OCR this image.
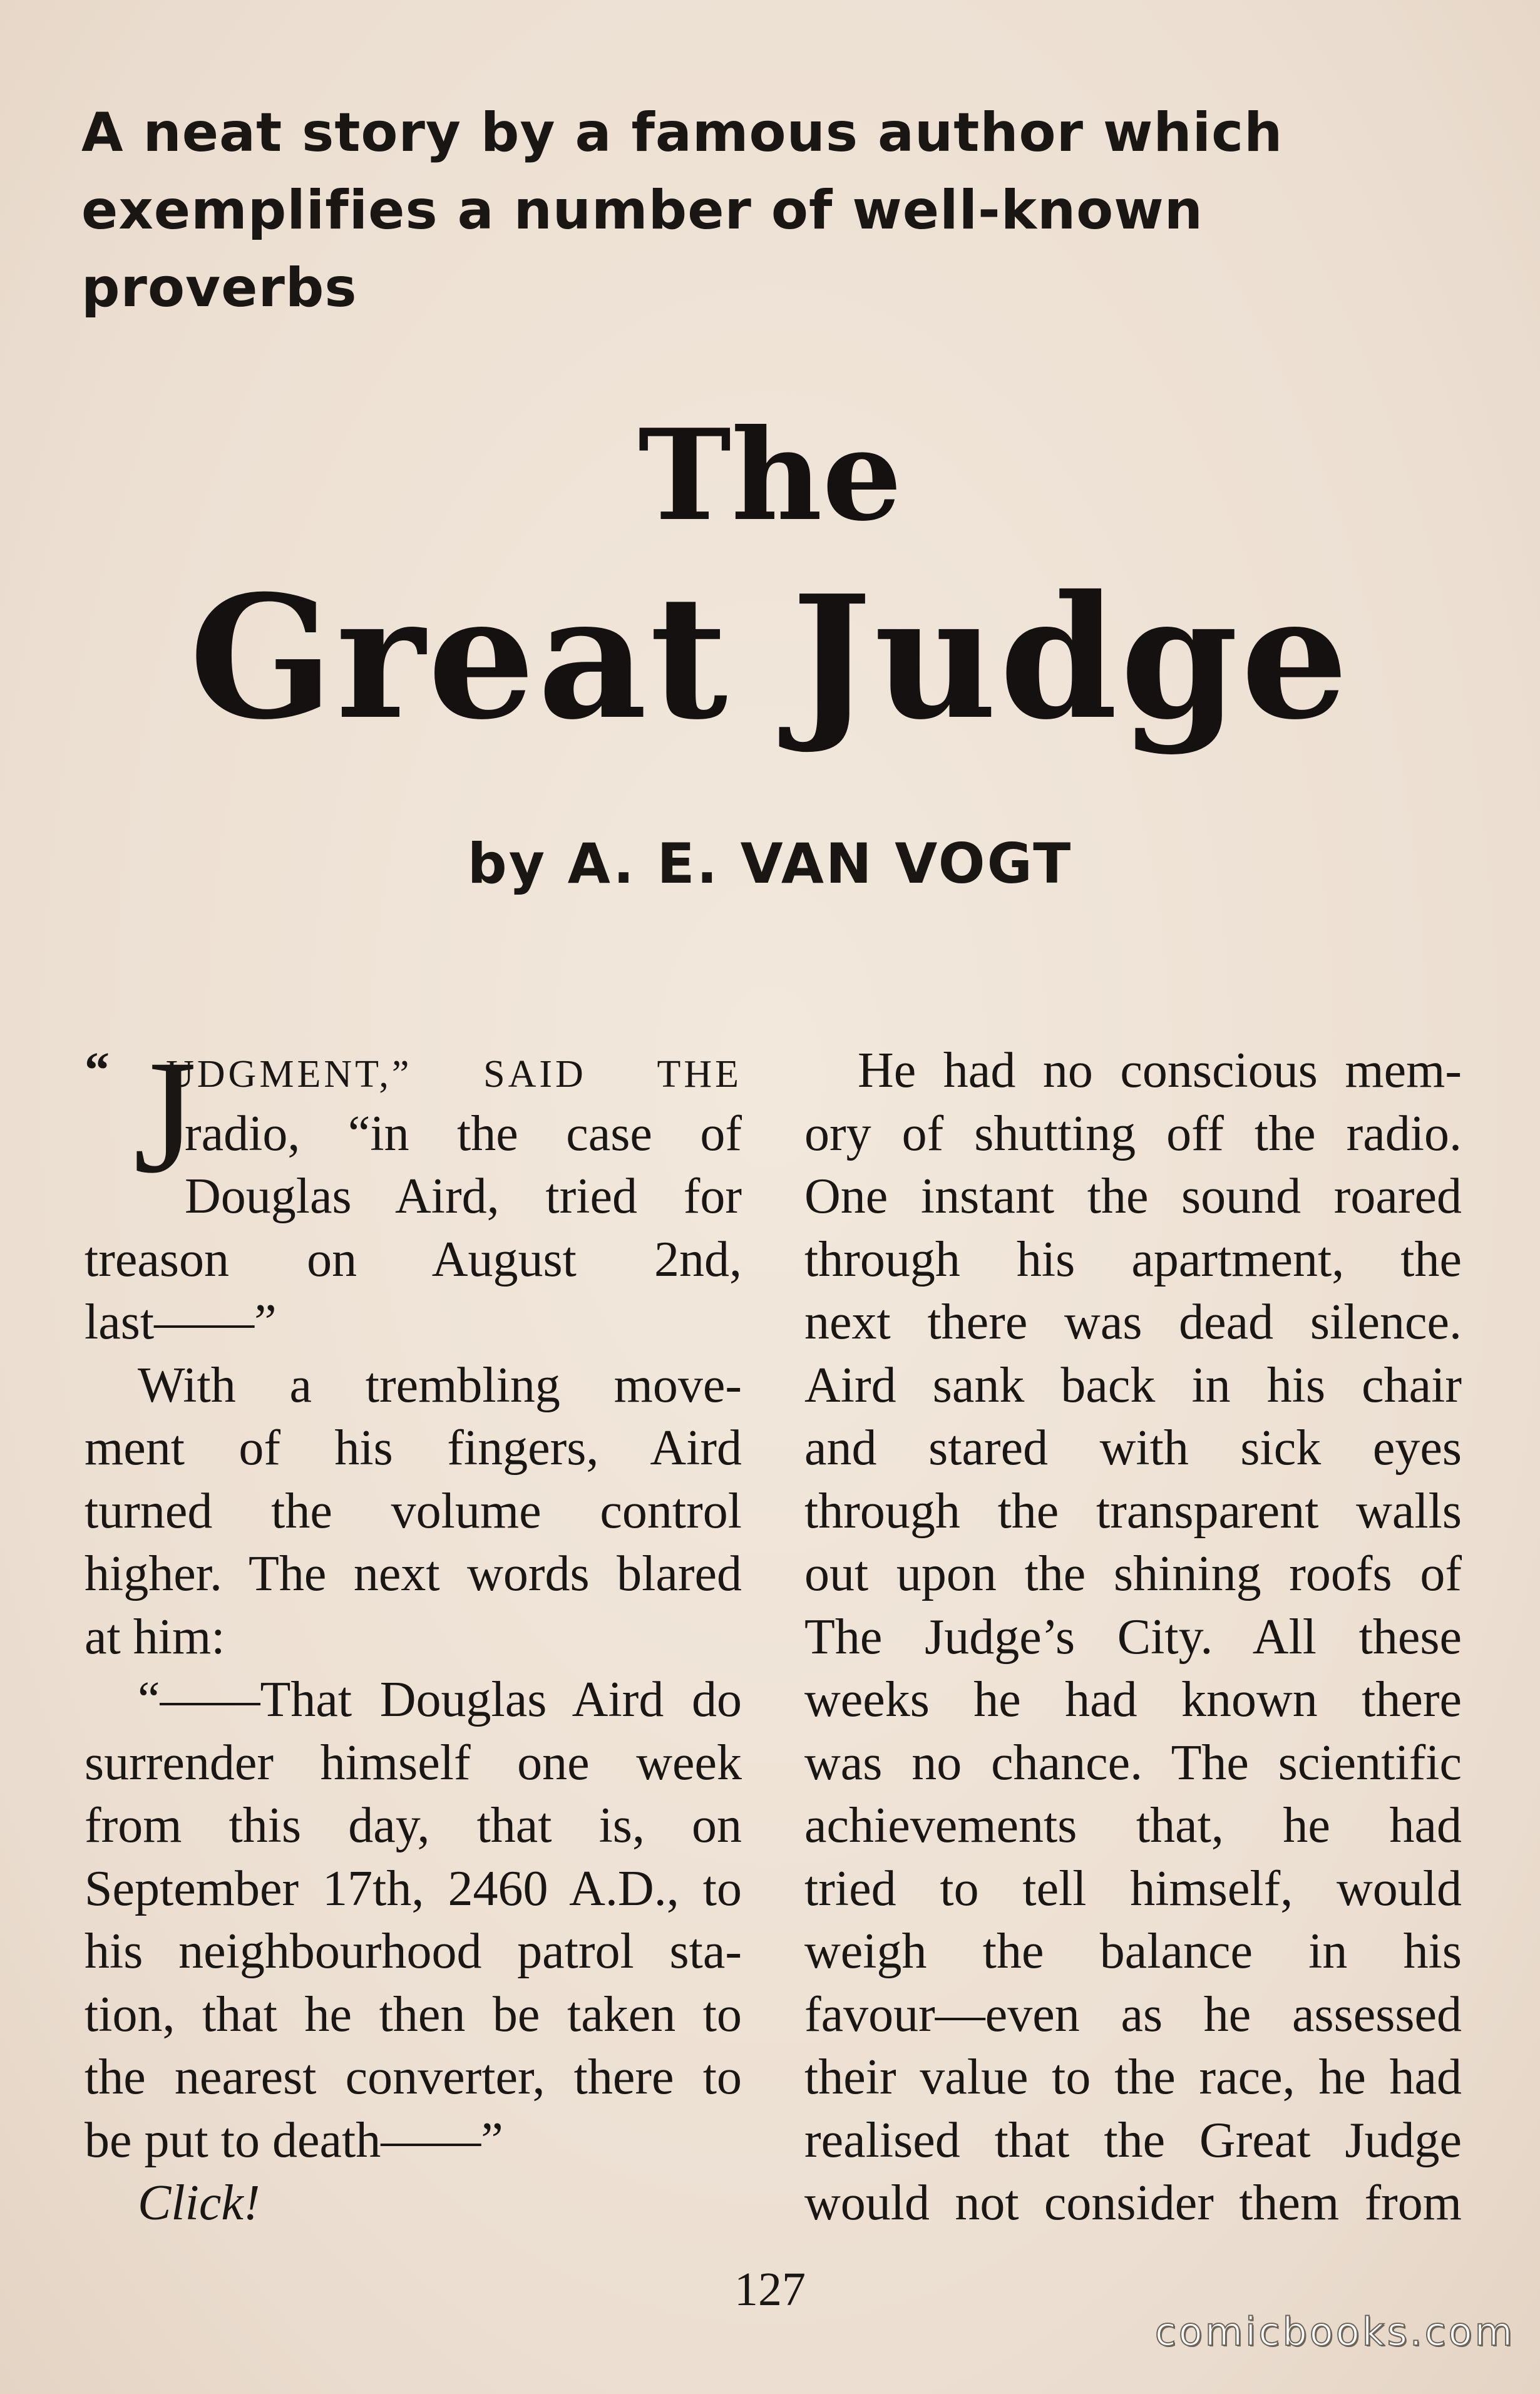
A neat story by a famous author which
exemplifies a number of well-known
proverbs
The
Great Judge
by A. E. VAN VOGT
J
“ UDGMENT,” SAID THE
radio, “in the case of
Douglas Aird, tried for
treason on August 2nd,
last——”
With a trembling move-
ment of his fingers, Aird
turned the volume control
higher. The next words blared
at him:
“——That Douglas Aird do
surrender himself one week
from this day, that is, on
September 17th, 2460 A.D., to
his neighbourhood patrol sta-
tion, that he then be taken to
the nearest converter, there to
be put to death——”
Click!
He had no conscious mem-
ory of shutting off the radio.
One instant the sound roared
through his apartment, the
next there was dead silence.
Aird sank back in his chair
and stared with sick eyes
through the transparent walls
out upon the shining roofs of
The Judge’s City. All these
weeks he had known there
was no chance. The scientific
achievements that, he had
tried to tell himself, would
weigh the balance in his
favour—even as he assessed
their value to the race, he had
realised that the Great Judge
would not consider them from
127
comicbooks.com
